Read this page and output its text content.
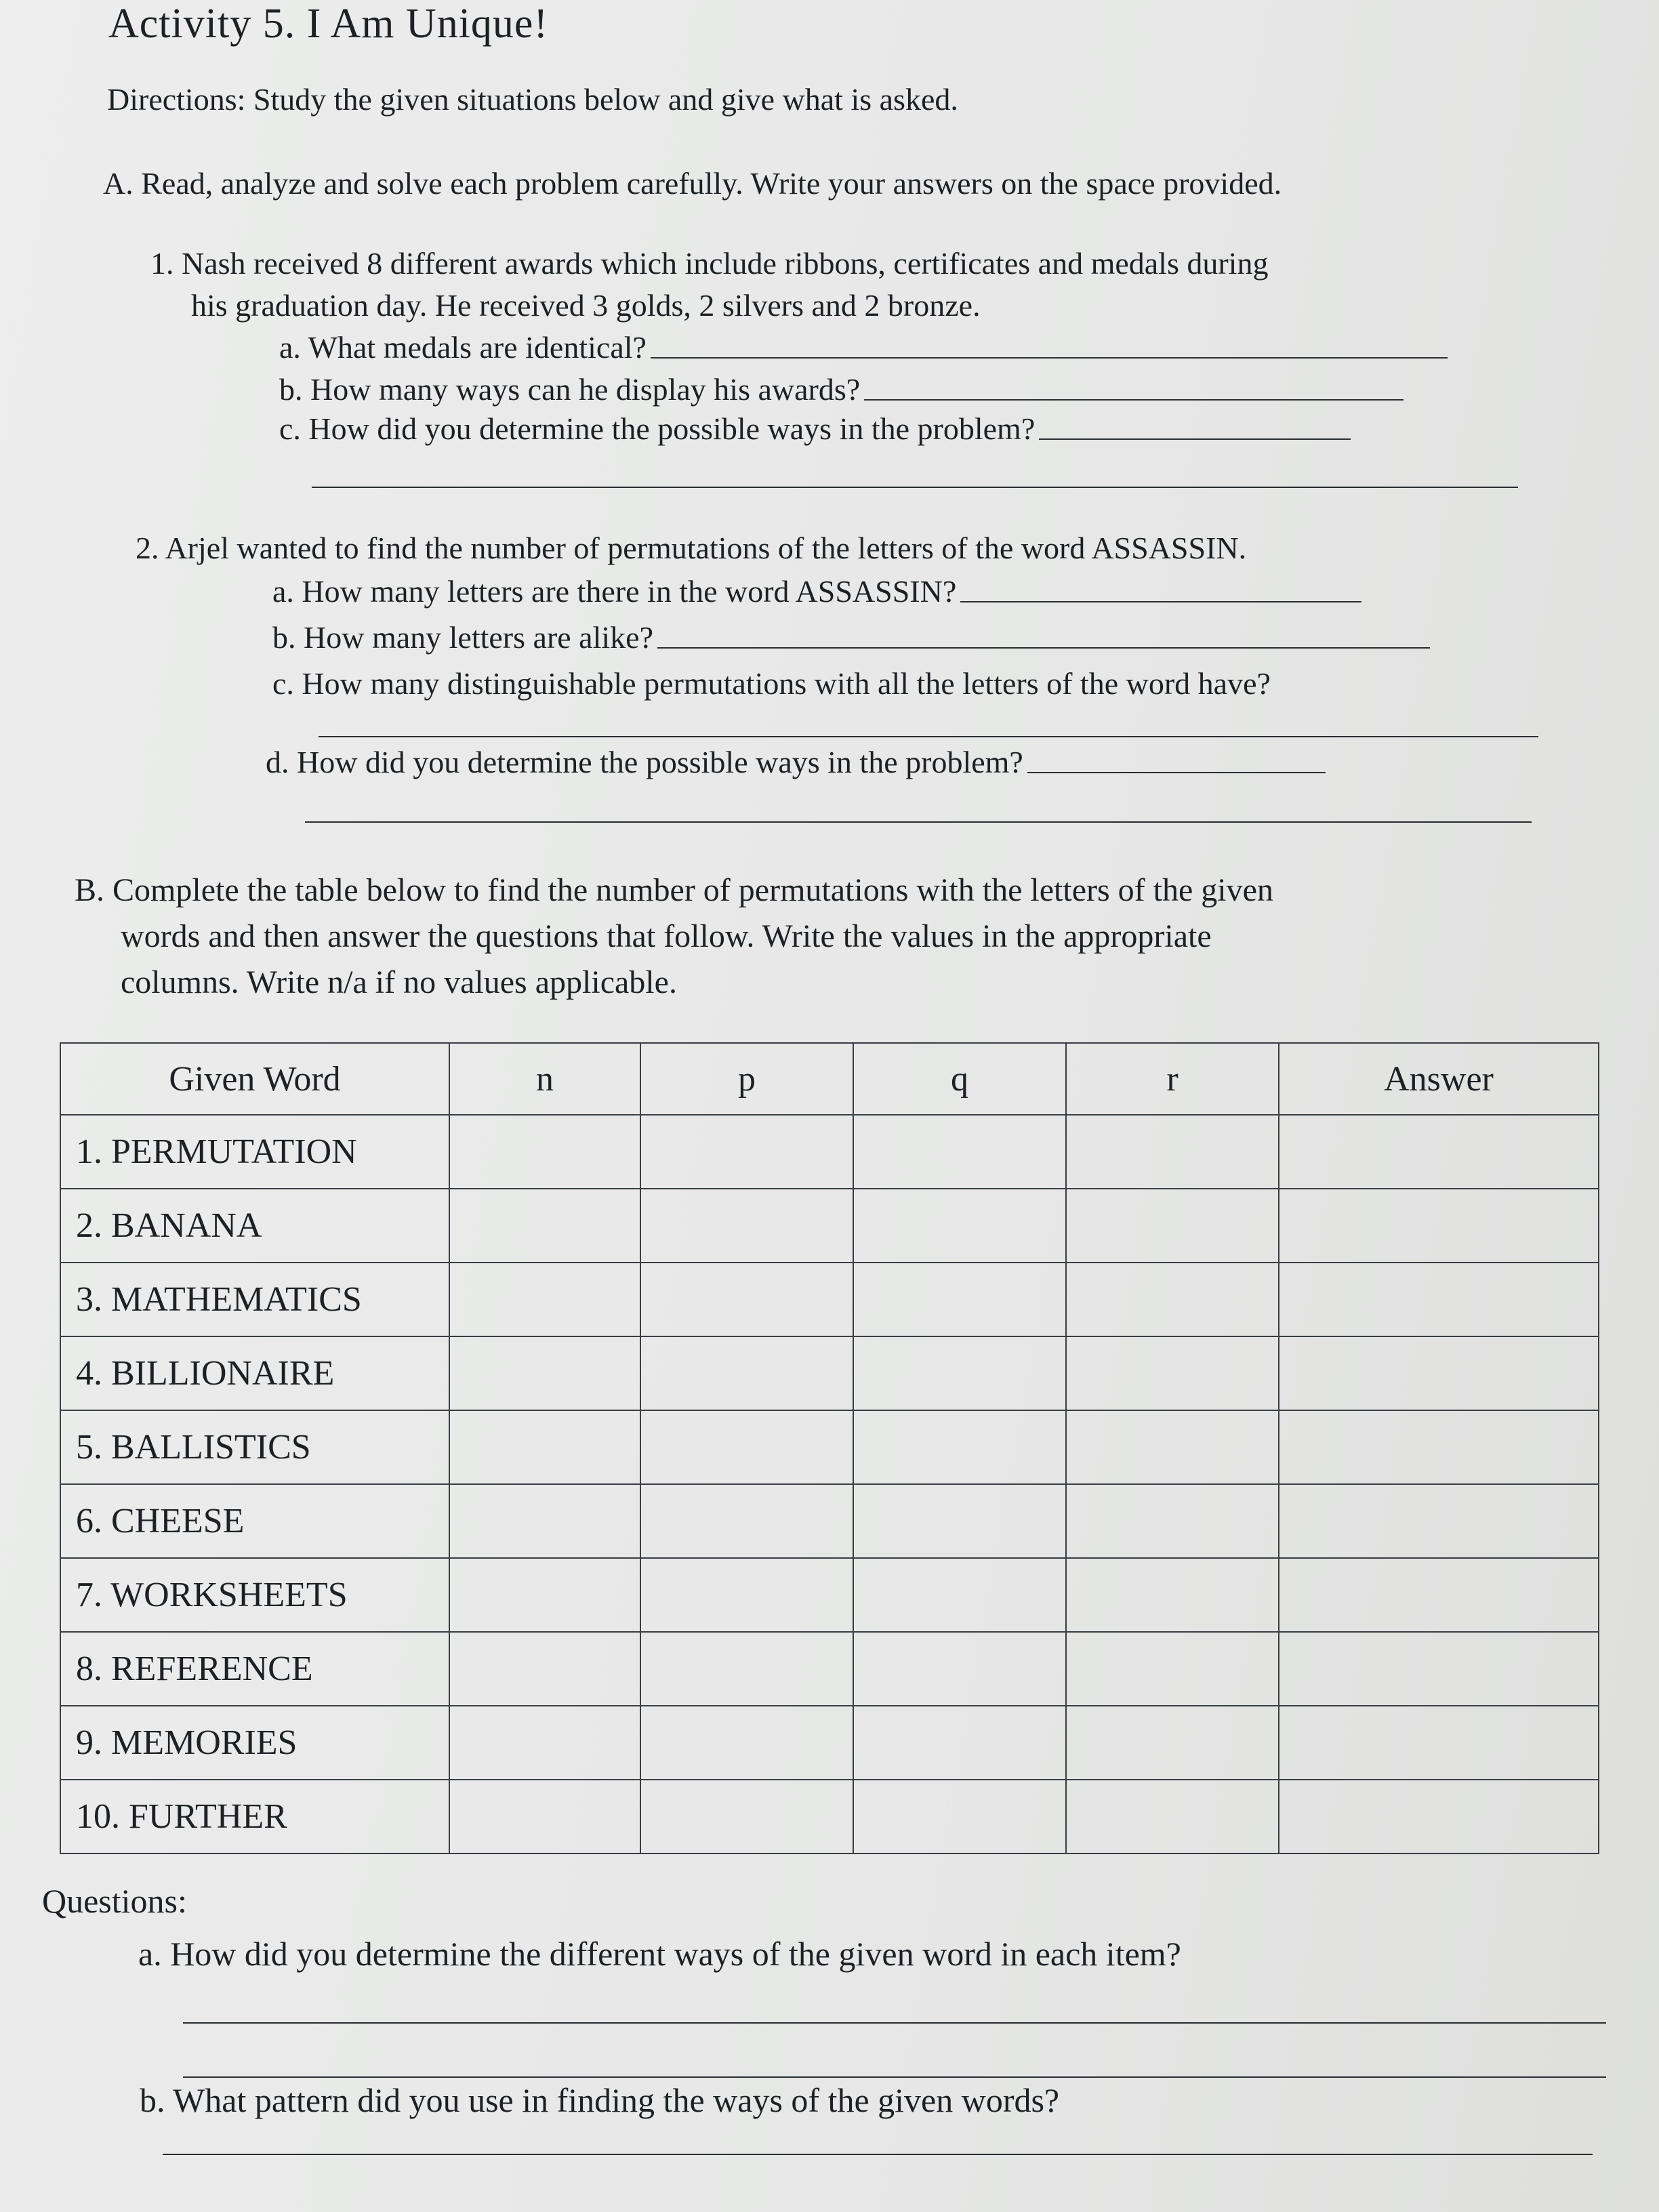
Activity 5. I Am Unique!
Directions: Study the given situations below and give what is asked.
A. Read, analyze and solve each problem carefully. Write your answers on the space provided.
1. Nash received 8 different awards which include ribbons, certificates and medals during
his graduation day. He received 3 golds, 2 silvers and 2 bronze.
a. What medals are identical?
b. How many ways can he display his awards?
c. How did you determine the possible ways in the problem?
2. Arjel wanted to find the number of permutations of the letters of the word ASSASSIN.
a. How many letters are there in the word ASSASSIN?
b. How many letters are alike?
c. How many distinguishable permutations with all the letters of the word have?
d. How did you determine the possible ways in the problem?
B. Complete the table below to find the number of permutations with the letters of the given
words and then answer the questions that follow. Write the values in the appropriate
columns. Write n/a if no values applicable.
Given Word	n	p	q	r	Answer
1. PERMUTATION					
2. BANANA					
3. MATHEMATICS					
4. BILLIONAIRE					
5. BALLISTICS					
6. CHEESE					
7. WORKSHEETS					
8. REFERENCE					
9. MEMORIES					
10. FURTHER					
Questions:
a. How did you determine the different ways of the given word in each item?
b. What pattern did you use in finding the ways of the given words?
